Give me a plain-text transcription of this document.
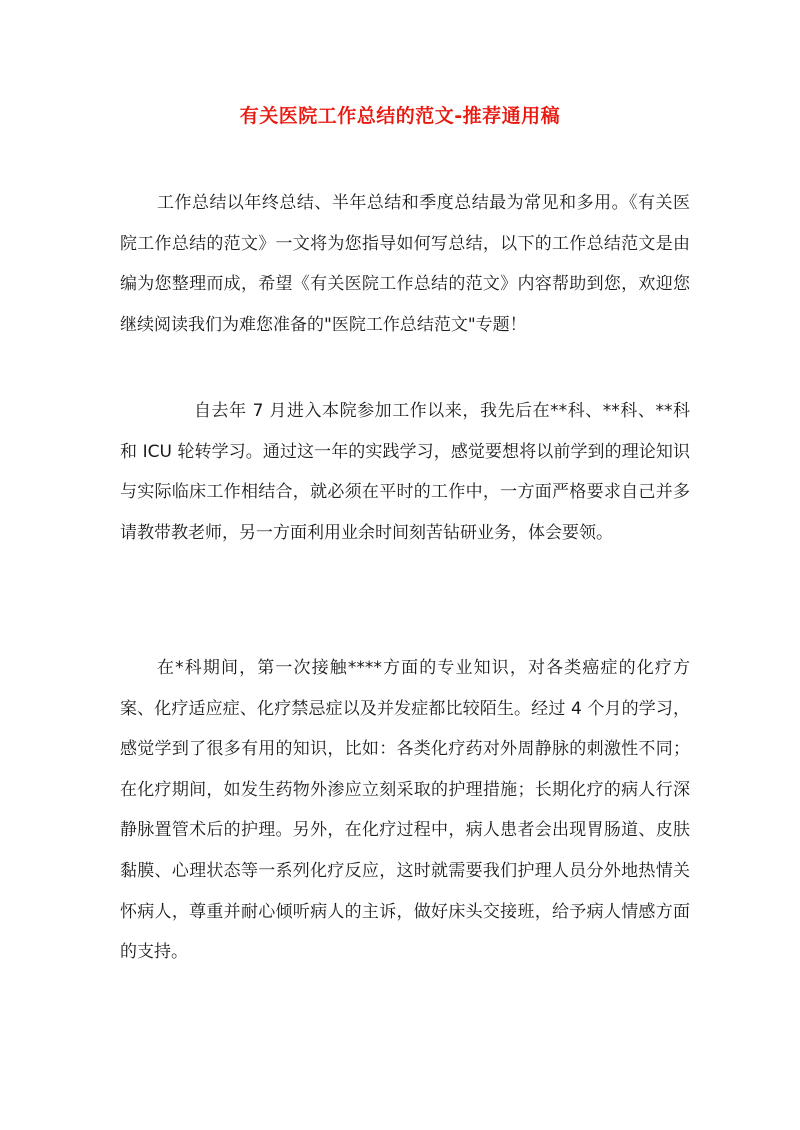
有关医院工作总结的范文-推荐通用稿

工作总结以年终总结、半年总结和季度总结最为常见和多用。《有关医院工作总结的范文》一文将为您指导如何写总结，以下的工作总结范文是由编为您整理而成，希望《有关医院工作总结的范文》内容帮助到您，欢迎您继续阅读我们为难您准备的"医院工作总结范文"专题！

自去年 7 月进入本院参加工作以来，我先后在**科、**科、**科和 ICU 轮转学习。通过这一年的实践学习，感觉要想将以前学到的理论知识与实际临床工作相结合，就必须在平时的工作中，一方面严格要求自己并多请教带教老师，另一方面利用业余时间刻苦钻研业务，体会要领。

在*科期间，第一次接触****方面的专业知识，对各类癌症的化疗方案、化疗适应症、化疗禁忌症以及并发症都比较陌生。经过 4 个月的学习，感觉学到了很多有用的知识，比如：各类化疗药对外周静脉的刺激性不同；在化疗期间，如发生药物外渗应立刻采取的护理措施；长期化疗的病人行深静脉置管术后的护理。另外，在化疗过程中，病人患者会出现胃肠道、皮肤黏膜、心理状态等一系列化疗反应，这时就需要我们护理人员分外地热情关怀病人，尊重并耐心倾听病人的主诉，做好床头交接班，给予病人情感方面的支持。
